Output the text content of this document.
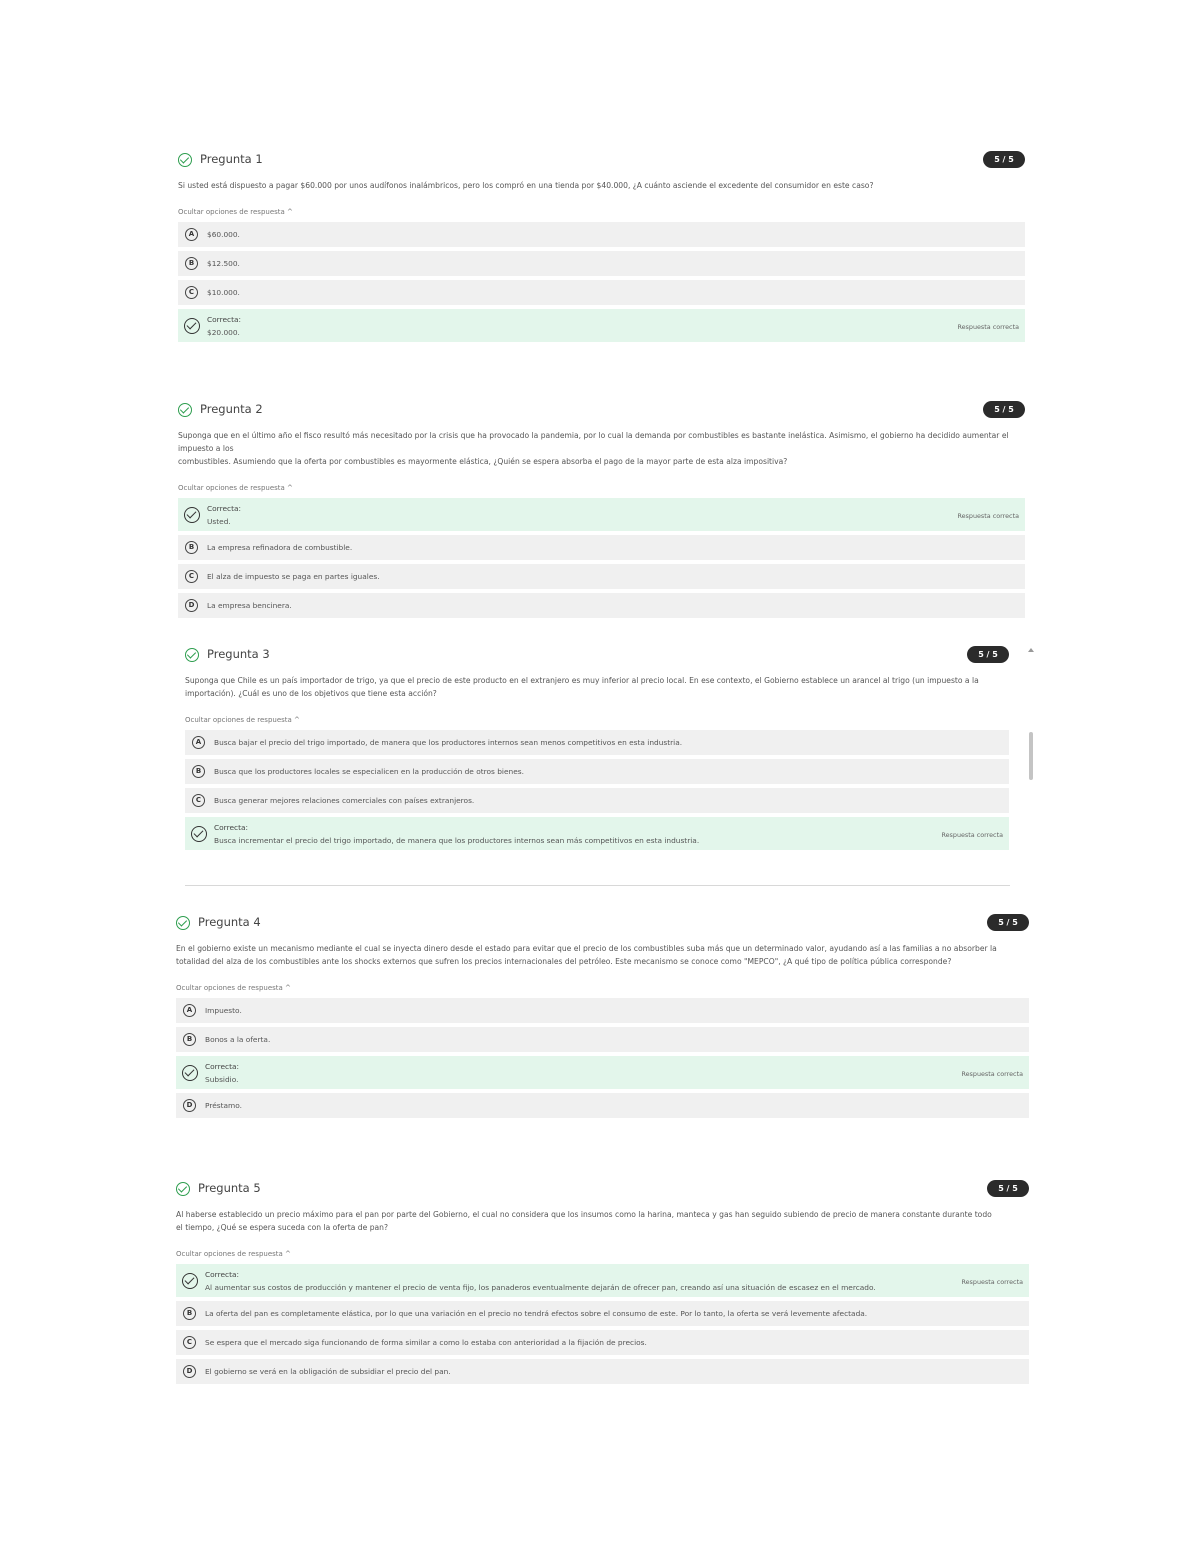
Pregunta 1	5 / 5
Si usted está dispuesto a pagar $60.000 por unos audífonos inalámbricos, pero los compró en una tienda por $40.000, ¿A cuánto asciende el excedente del consumidor en este caso?
Ocultar opciones de respuesta ^
A	$60.000.
B	$12.500.
C	$10.000.
Correcta:
$20.000.
Respuesta correcta
Pregunta 2	5 / 5
Suponga que en el último año el fisco resultó más necesitado por la crisis que ha provocado la pandemia, por lo cual la demanda por combustibles es bastante inelástica. Asimismo, el gobierno ha decidido aumentar el impuesto a los
combustibles. Asumiendo que la oferta por combustibles es mayormente elástica, ¿Quién se espera absorba el pago de la mayor parte de esta alza impositiva?
Ocultar opciones de respuesta ^
Correcta:
Usted.
Respuesta correcta
B	La empresa refinadora de combustible.
C	El alza de impuesto se paga en partes iguales.
D	La empresa bencinera.
Pregunta 3	5 / 5
Suponga que Chile es un país importador de trigo, ya que el precio de este producto en el extranjero es muy inferior al precio local. En ese contexto, el Gobierno establece un arancel al trigo (un impuesto a la
importación). ¿Cuál es uno de los objetivos que tiene esta acción?
Ocultar opciones de respuesta ^
A	Busca bajar el precio del trigo importado, de manera que los productores internos sean menos competitivos en esta industria.
B	Busca que los productores locales se especialicen en la producción de otros bienes.
C	Busca generar mejores relaciones comerciales con países extranjeros.
Correcta:
Busca incrementar el precio del trigo importado, de manera que los productores internos sean más competitivos en esta industria.
Respuesta correcta
Pregunta 4	5 / 5
En el gobierno existe un mecanismo mediante el cual se inyecta dinero desde el estado para evitar que el precio de los combustibles suba más que un determinado valor, ayudando así a las familias a no absorber la
totalidad del alza de los combustibles ante los shocks externos que sufren los precios internacionales del petróleo. Este mecanismo se conoce como "MEPCO", ¿A qué tipo de política pública corresponde?
Ocultar opciones de respuesta ^
A	Impuesto.
B	Bonos a la oferta.
Correcta:
Subsidio.
Respuesta correcta
D	Préstamo.
Pregunta 5	5 / 5
Al haberse establecido un precio máximo para el pan por parte del Gobierno, el cual no considera que los insumos como la harina, manteca y gas han seguido subiendo de precio de manera constante durante todo
el tiempo, ¿Qué se espera suceda con la oferta de pan?
Ocultar opciones de respuesta ^
Correcta:
Al aumentar sus costos de producción y mantener el precio de venta fijo, los panaderos eventualmente dejarán de ofrecer pan, creando así una situación de escasez en el mercado.
Respuesta correcta
B	La oferta del pan es completamente elástica, por lo que una variación en el precio no tendrá efectos sobre el consumo de este. Por lo tanto, la oferta se verá levemente afectada.
C	Se espera que el mercado siga funcionando de forma similar a como lo estaba con anterioridad a la fijación de precios.
D	El gobierno se verá en la obligación de subsidiar el precio del pan.
